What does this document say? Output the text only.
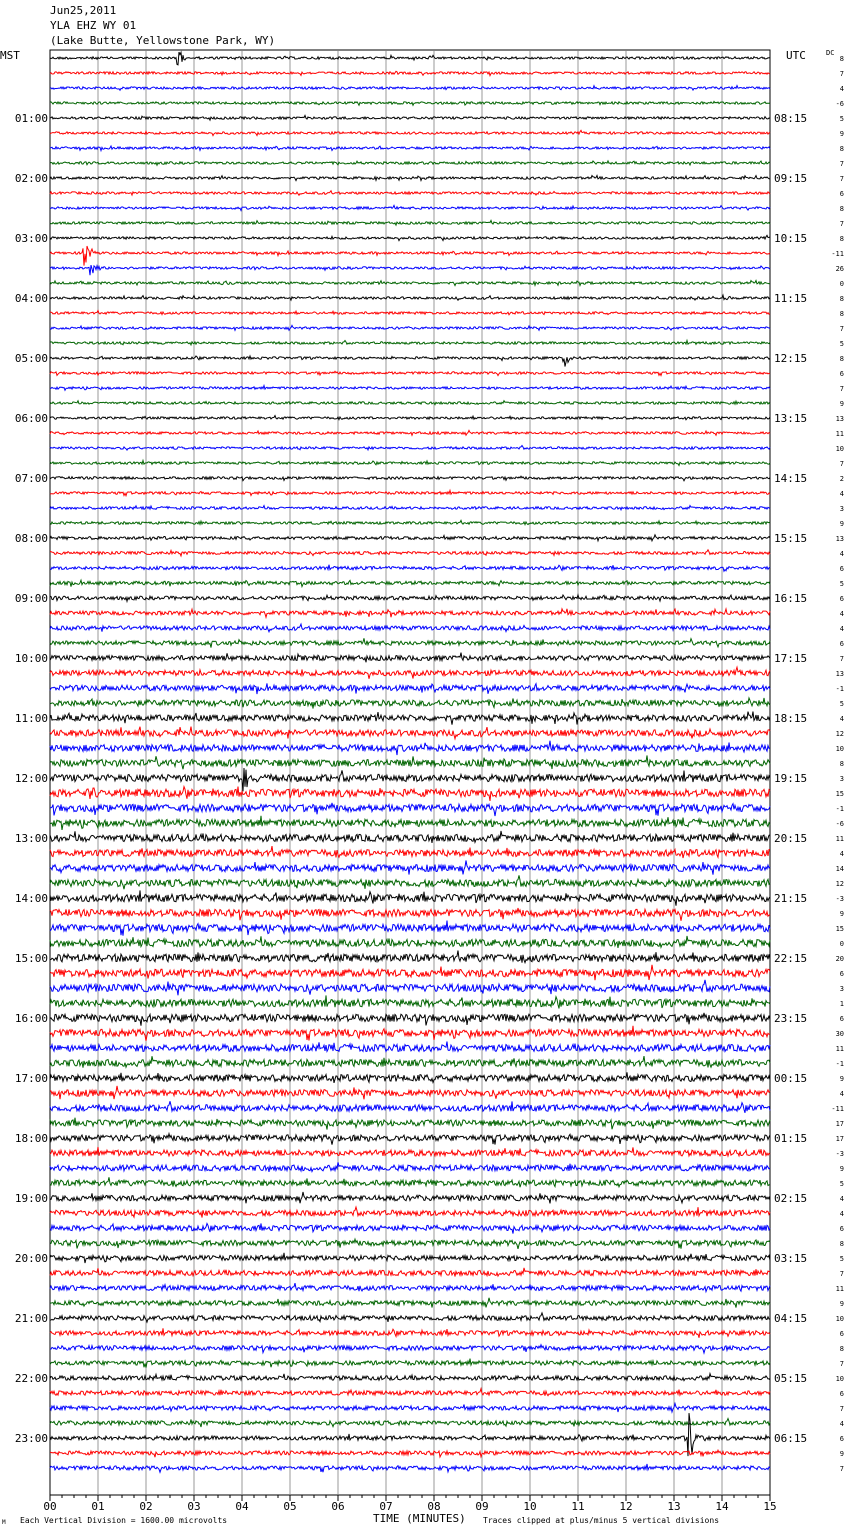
Jun25,2011
YLA EHZ WY 01
(Lake Butte, Yellowstone Park, WY)
MST	UTC	DC
01:00
02:00
03:00
04:00
05:00
06:00
07:00
08:00
09:00
10:00
11:00
12:00
13:00
14:00
15:00
16:00
17:00
18:00
19:00
20:00
21:00
22:00
23:00
08:15
09:15
10:15
11:15
12:15
13:15
14:15
15:15
16:15
17:15
18:15
19:15
20:15
21:15
22:15
23:15
00:15
01:15
02:15
03:15
04:15
05:15
06:15
8
7
4
-6
5
9
8
7
7
6
8
7
8
-11
26
0
8
8
7
5
8
6
7
9
13
11
10
7
2
4
3
9
13
4
6
5
6
4
4
6
7
13
-1
5
4
12
10
8
3
15
-1
-6
11
4
14
12
-3
9
15
0
20
6
3
1
6
30
11
-1
9
4
-11
17
17
-3
9
5
4
4
6
8
5
7
11
9
10
6
8
7
10
6
7
4
6
9
7
00	01	02	03	04	05	06	07	08	09	10	11	12	13	14	15
TIME (MINUTES)
Each Vertical Division = 1600.00 microvolts	Traces clipped at plus/minus 5 vertical divisions
M
